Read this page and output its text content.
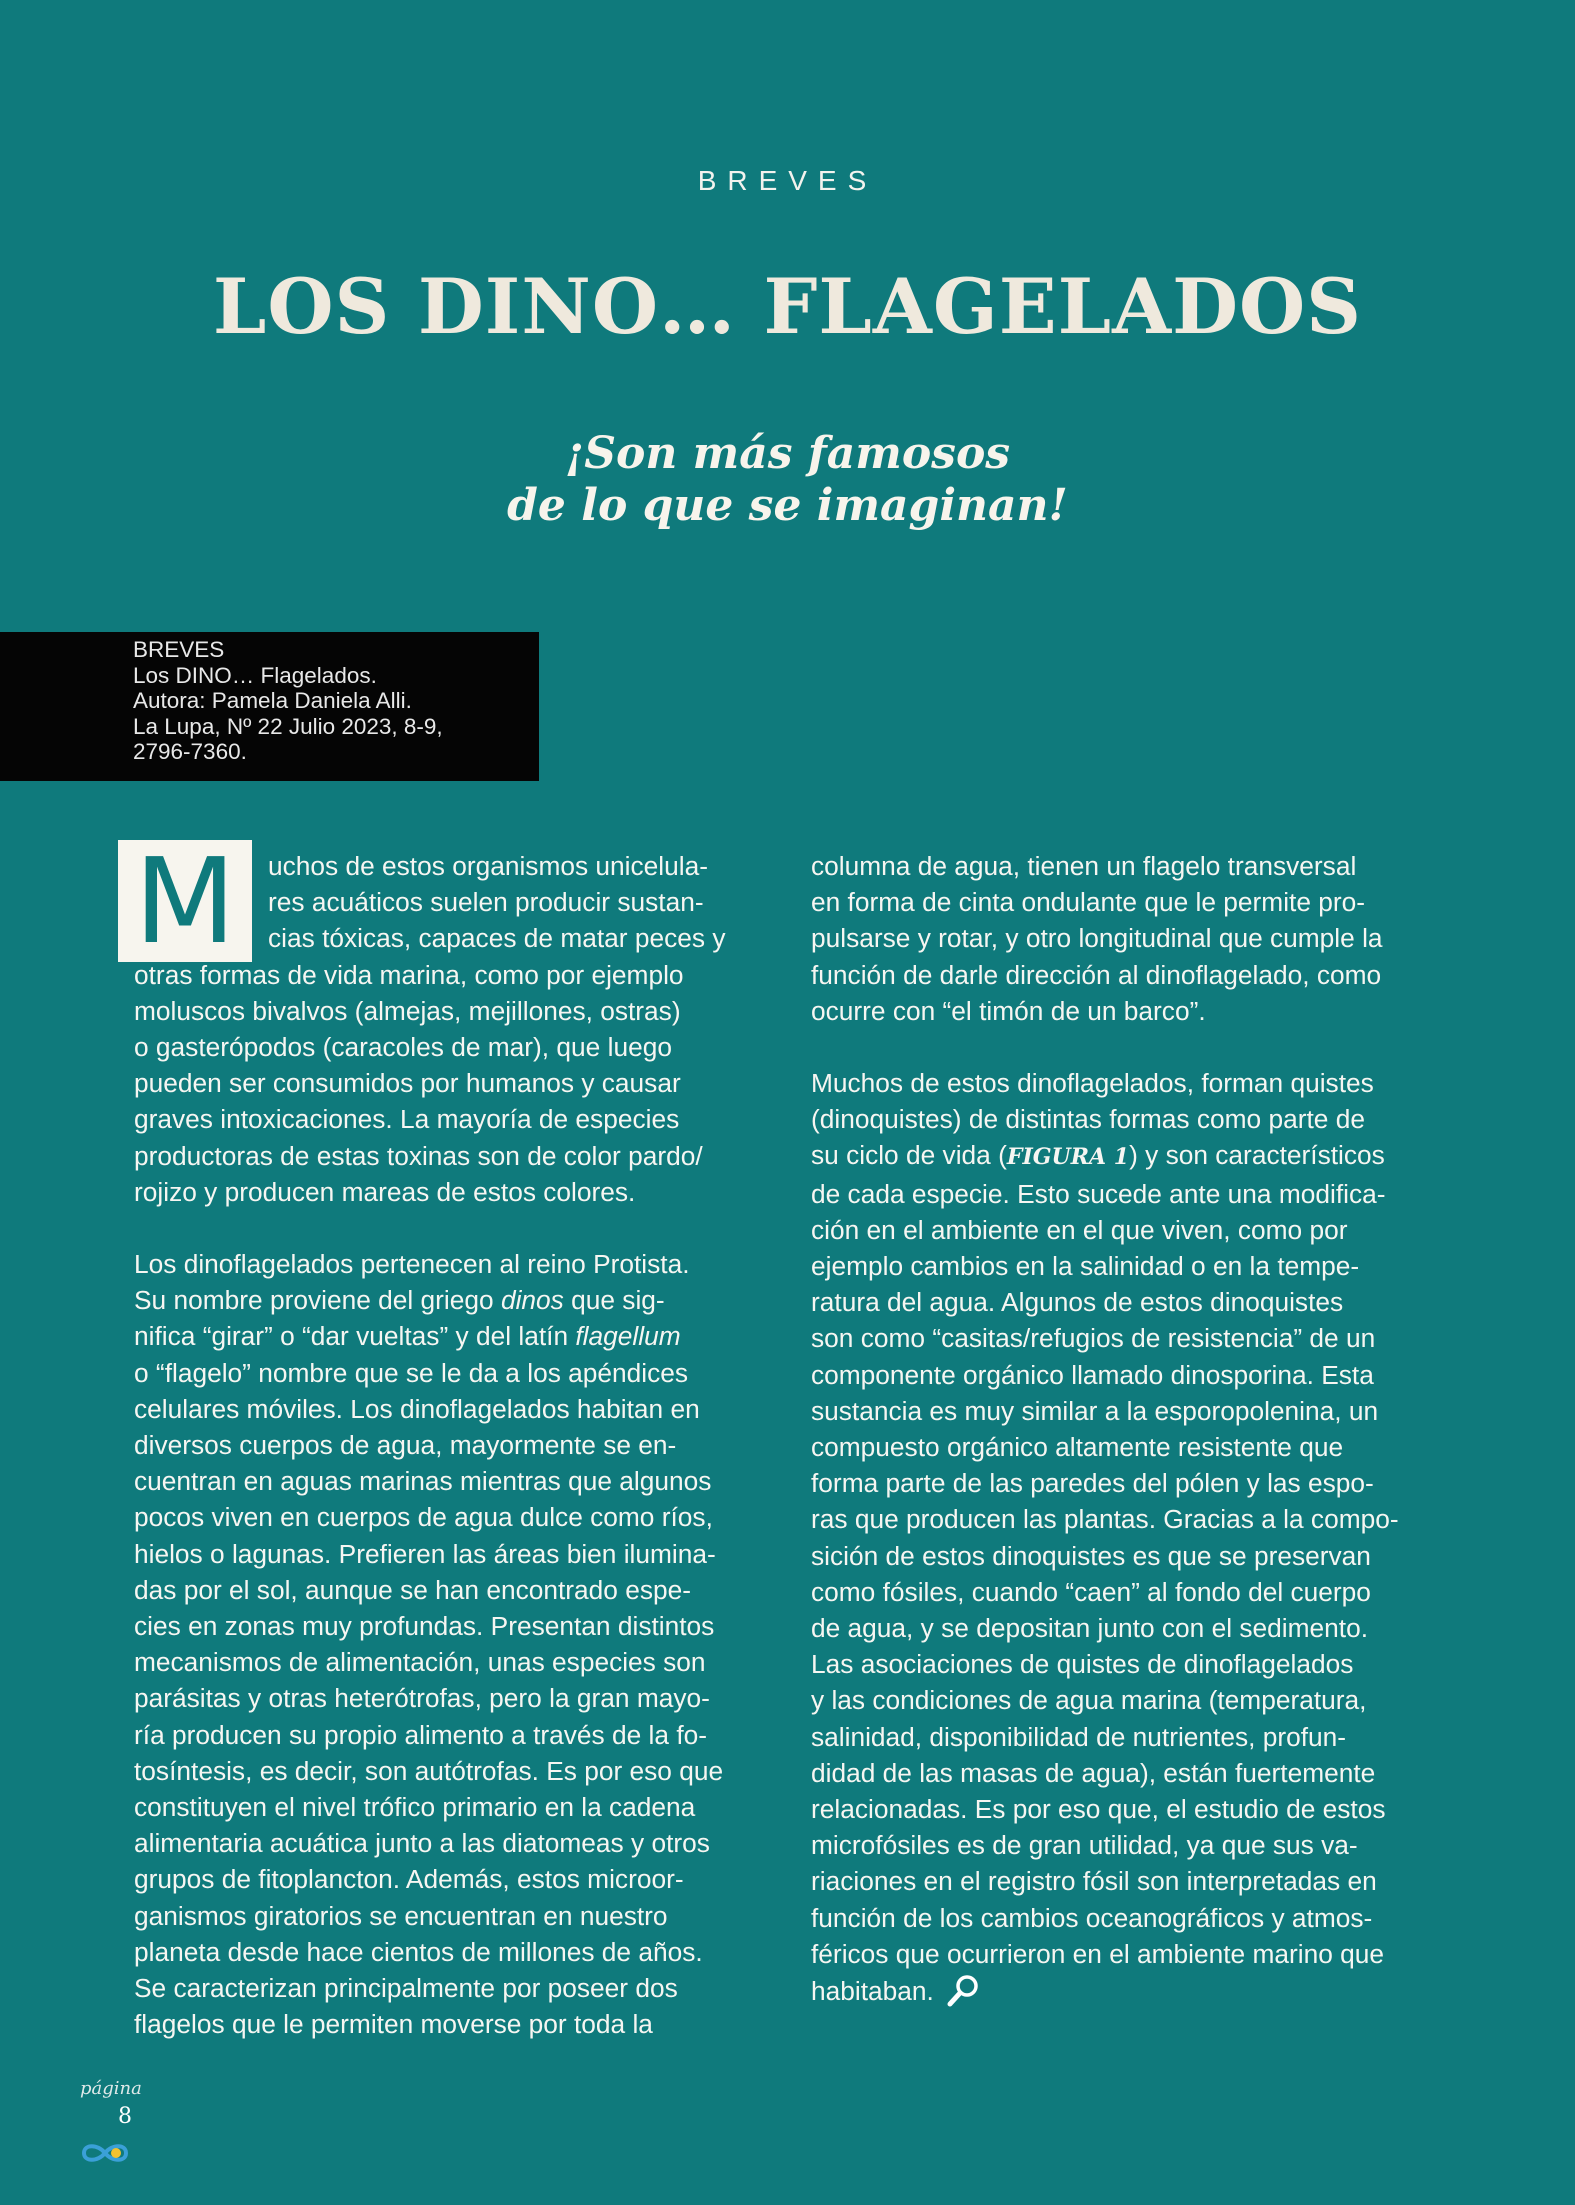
BREVES
LOS DINO… FLAGELADOS
¡Son más famosos
de lo que se imaginan!
BREVES
Los DINO… Flagelados.
Autora: Pamela Daniela Alli.
La Lupa, Nº 22 Julio 2023, 8-9,
2796-7360.
M	uchos de estos organismos unicelula-
res acuáticos suelen producir sustan-
cias tóxicas, capaces de matar peces y
otras formas de vida marina, como por ejemplo
moluscos bivalvos (almejas, mejillones, ostras)
o gasterópodos (caracoles de mar), que luego
pueden ser consumidos por humanos y causar
graves intoxicaciones. La mayoría de especies
productoras de estas toxinas son de color pardo/
rojizo y producen mareas de estos colores.

Los dinoflagelados pertenecen al reino Protista.
Su nombre proviene del griego dinos que sig-
nifica “girar” o “dar vueltas” y del latín flagellum
o “flagelo” nombre que se le da a los apéndices
celulares móviles. Los dinoflagelados habitan en
diversos cuerpos de agua, mayormente se en-
cuentran en aguas marinas mientras que algunos
pocos viven en cuerpos de agua dulce como ríos,
hielos o lagunas. Prefieren las áreas bien ilumina-
das por el sol, aunque se han encontrado espe-
cies en zonas muy profundas. Presentan distintos
mecanismos de alimentación, unas especies son
parásitas y otras heterótrofas, pero la gran mayo-
ría producen su propio alimento a través de la fo-
tosíntesis, es decir, son autótrofas. Es por eso que
constituyen el nivel trófico primario en la cadena
alimentaria acuática junto a las diatomeas y otros
grupos de fitoplancton. Además, estos microor-
ganismos giratorios se encuentran en nuestro
planeta desde hace cientos de millones de años.
Se caracterizan principalmente por poseer dos
flagelos que le permiten moverse por toda la

columna de agua, tienen un flagelo transversal
en forma de cinta ondulante que le permite pro-
pulsarse y rotar, y otro longitudinal que cumple la
función de darle dirección al dinoflagelado, como
ocurre con “el timón de un barco”.

Muchos de estos dinoflagelados, forman quistes
(dinoquistes) de distintas formas como parte de
su ciclo de vida (FIGURA 1) y son característicos
de cada especie. Esto sucede ante una modifica-
ción en el ambiente en el que viven, como por
ejemplo cambios en la salinidad o en la tempe-
ratura del agua. Algunos de estos dinoquistes
son como “casitas/refugios de resistencia” de un
componente orgánico llamado dinosporina. Esta
sustancia es muy similar a la esporopolenina, un
compuesto orgánico altamente resistente que
forma parte de las paredes del pólen y las espo-
ras que producen las plantas. Gracias a la compo-
sición de estos dinoquistes es que se preservan
como fósiles, cuando “caen” al fondo del cuerpo
de agua, y se depositan junto con el sedimento.
Las asociaciones de quistes de dinoflagelados
y las condiciones de agua marina (temperatura,
salinidad, disponibilidad de nutrientes, profun-
didad de las masas de agua), están fuertemente
relacionadas. Es por eso que, el estudio de estos
microfósiles es de gran utilidad, ya que sus va-
riaciones en el registro fósil son interpretadas en
función de los cambios oceanográficos y atmos-
féricos que ocurrieron en el ambiente marino que
habitaban.

página
8
